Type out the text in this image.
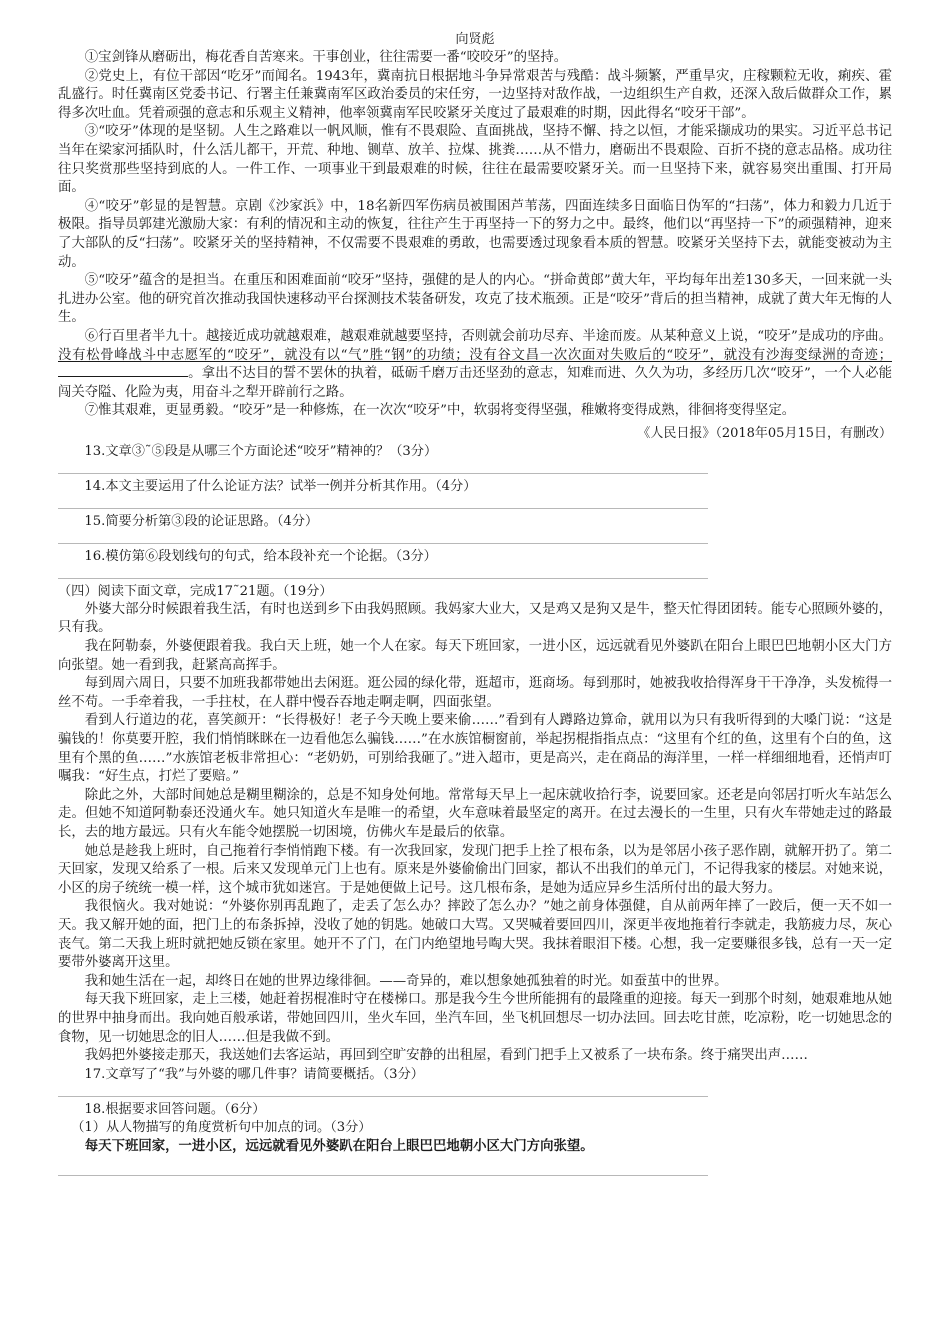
向贤彪

①宝剑锋从磨砺出，梅花香自苦寒来。干事创业，往往需要一番“咬咬牙”的坚持。

②党史上，有位干部因“吃牙”而闻名。1943年，冀南抗日根据地斗争异常艰苦与残酷：战斗频繁，严重旱灾，庄稼颗粒无收，痢疾、霍乱盛行。时任冀南区党委书记、行署主任兼冀南军区政治委员的宋任穷，一边坚持对敌作战，一边组织生产自救，还深入敌后做群众工作，累得多次吐血。凭着顽强的意志和乐观主义精神，他率领冀南军民咬紧牙关度过了最艰难的时期，因此得名“咬牙干部”。

③“咬牙”体现的是坚韧。人生之路难以一帆风顺，惟有不畏艰险、直面挑战，坚持不懈、持之以恒，才能采撷成功的果实。习近平总书记当年在梁家河插队时，什么活儿都干，开荒、种地、铡草、放羊、拉煤、挑粪……从不惜力，磨砺出不畏艰险、百折不挠的意志品格。成功往往只奖赏那些坚持到底的人。一件工作、一项事业干到最艰难的时候，往往在最需要咬紧牙关。而一旦坚持下来，就容易突出重围、打开局面。

④“咬牙”彰显的是智慧。京剧《沙家浜》中，18名新四军伤病员被围困芦苇荡，四面连续多日面临日伪军的“扫荡”，体力和毅力几近于极限。指导员郭建光激励大家：有利的情况和主动的恢复，往往产生于再坚持一下的努力之中。最终，他们以“再坚持一下”的顽强精神，迎来了大部队的反“扫荡”。咬紧牙关的坚持精神，不仅需要不畏艰难的勇敢，也需要透过现象看本质的智慧。咬紧牙关坚持下去，就能变被动为主动。

⑤“咬牙”蕴含的是担当。在重压和困难面前“咬牙”坚持，强健的是人的内心。“拼命黄郎”黄大年，平均每年出差130多天，一回来就一头扎进办公室。他的研究首次推动我国快速移动平台探测技术装备研发，攻克了技术瓶颈。正是“咬牙”背后的担当精神，成就了黄大年无悔的人生。

⑥行百里者半九十。越接近成功就越艰难，越艰难就越要坚持，否则就会前功尽弃、半途而废。从某种意义上说，“咬牙”是成功的序曲。没有松骨峰战斗中志愿军的“咬牙”，就没有以“气”胜“钢”的功绩；没有谷文昌一次次面对失败后的“咬牙”，就没有沙海变绿洲的奇迹；。拿出不达目的誓不罢休的执着，砥砺千磨万击还坚劲的意志，知难而进、久久为功，多经历几次“咬牙”，一个人必能闯关夺隘、化险为夷，用奋斗之犁开辟前行之路。

⑦惟其艰难，更显勇毅。“咬牙”是一种修炼，在一次次“咬牙”中，软弱将变得坚强，稚嫩将变得成熟，徘徊将变得坚定。

《人民日报》（2018年05月15日，有删改）

13.文章③˜⑤段是从哪三个方面论述“咬牙”精神的？（3分）

14.本文主要运用了什么论证方法？试举一例并分析其作用。（4分）

15.简要分析第③段的论证思路。（4分）

16.模仿第⑥段划线句的句式，给本段补充一个论据。（3分）

（四）阅读下面文章，完成17˜21题。（19分）

外婆大部分时候跟着我生活，有时也送到乡下由我妈照顾。我妈家大业大，又是鸡又是狗又是牛，整天忙得团团转。能专心照顾外婆的，只有我。

我在阿勒泰，外婆便跟着我。我白天上班，她一个人在家。每天下班回家，一进小区，远远就看见外婆趴在阳台上眼巴巴地朝小区大门方向张望。她一看到我，赶紧高高挥手。

每到周六周日，只要不加班我都带她出去闲逛。逛公园的绿化带，逛超市，逛商场。每到那时，她被我收拾得浑身干干净净，头发梳得一丝不苟。一手牵着我，一手拄杖，在人群中慢吞吞地走啊走啊，四面张望。

看到人行道边的花，喜笑颜开：“长得极好！老子今天晚上要来偷……”看到有人蹲路边算命，就用以为只有我听得到的大嗓门说：“这是骗钱的！你莫要开腔，我们悄悄眯眯在一边看他怎么骗钱……”在水族馆橱窗前，举起拐棍指指点点：“这里有个红的鱼，这里有个白的鱼，这里有个黑的鱼……”水族馆老板非常担心：“老奶奶，可别给我砸了。”进入超市，更是高兴，走在商品的海洋里，一样一样细细地看，还悄声叮嘱我：“好生点，打烂了要赔。”

除此之外，大部时间她总是糊里糊涂的，总是不知身处何地。常常每天早上一起床就收拾行李，说要回家。还老是向邻居打听火车站怎么走。但她不知道阿勒泰还没通火车。她只知道火车是唯一的希望，火车意味着最坚定的离开。在过去漫长的一生里，只有火车带她走过的路最长，去的地方最远。只有火车能令她摆脱一切困境，仿佛火车是最后的依靠。

她总是趁我上班时，自己拖着行李悄悄跑下楼。有一次我回家，发现门把手上拴了根布条，以为是邻居小孩子恶作剧，就解开扔了。第二天回家，发现又给系了一根。后来又发现单元门上也有。原来是外婆偷偷出门回家，都认不出我们的单元门，不记得我家的楼层。对她来说，小区的房子统统一模一样，这个城市犹如迷宫。于是她便做上记号。这几根布条，是她为适应异乡生活所付出的最大努力。

我很恼火。我对她说：“外婆你别再乱跑了，走丢了怎么办？摔跤了怎么办？”她之前身体强健，自从前两年摔了一跤后，便一天不如一天。我又解开她的面，把门上的布条拆掉，没收了她的钥匙。她破口大骂。又哭喊着要回四川，深更半夜地拖着行李就走，我筋疲力尽，灰心丧气。第二天我上班时就把她反锁在家里。她开不了门，在门内绝望地号啕大哭。我抹着眼泪下楼。心想，我一定要赚很多钱，总有一天一定要带外婆离开这里。

我和她生活在一起，却终日在她的世界边缘徘徊。——奇异的，难以想象她孤独着的时光。如蚕茧中的世界。

每天我下班回家，走上三楼，她赶着拐棍准时守在楼梯口。那是我今生今世所能拥有的最隆重的迎接。每天一到那个时刻，她艰难地从她的世界中抽身而出。我向她百般承诺，带她回四川，坐火车回，坐汽车回，坐飞机回想尽一切办法回。回去吃甘蔗，吃凉粉，吃一切她思念的食物，见一切她思念的旧人……但是我做不到。

我妈把外婆接走那天，我送她们去客运站，再回到空旷安静的出租屋，看到门把手上又被系了一块布条。终于痛哭出声……

17.文章写了“我”与外婆的哪几件事？请简要概括。（3分）

18.根据要求回答问题。（6分）

（1）从人物描写的角度赏析句中加点的词。（3分）

每天下班回家，一进小区，远远就看见外婆趴在阳台上眼巴巴地朝小区大门方向张望。
